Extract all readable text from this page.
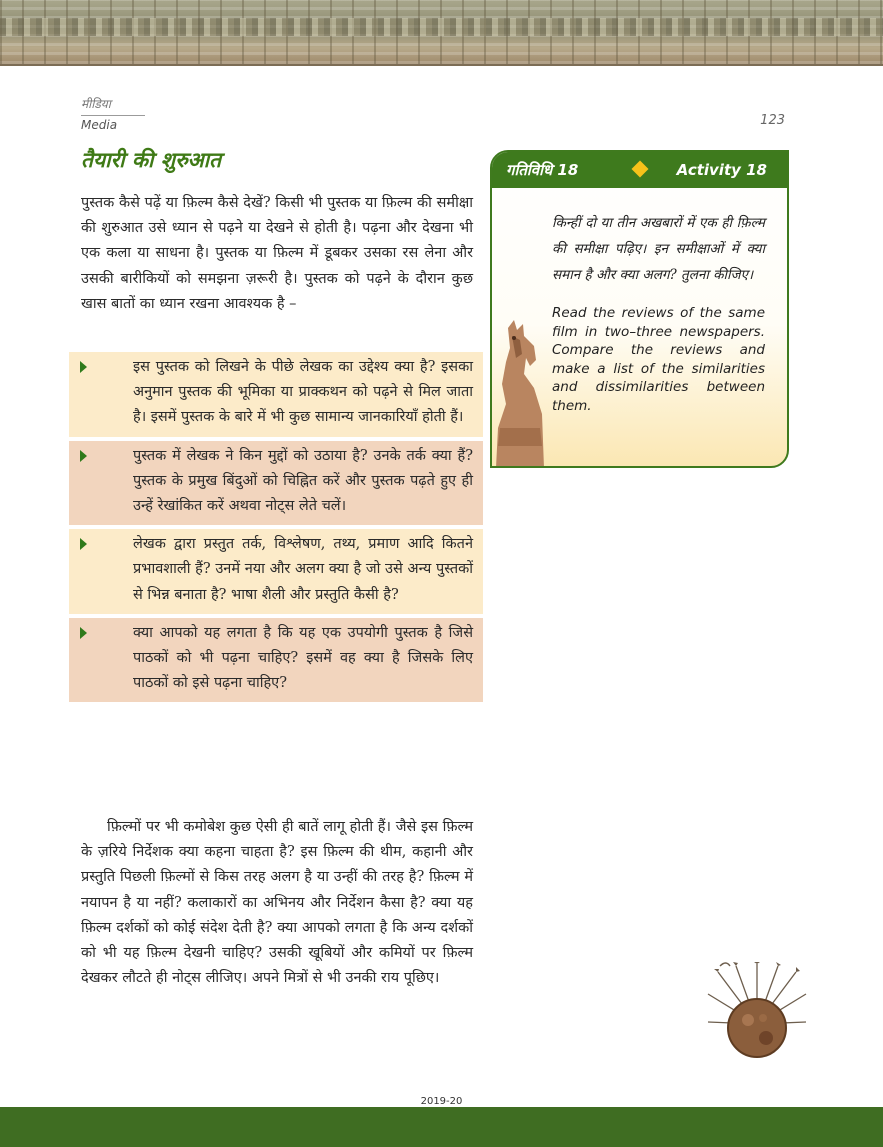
मीडिया
Media	123
तैयारी की शुरुआत

पुस्तक कैसे पढ़ें या फ़िल्म कैसे देखें? किसी भी पुस्तक या फ़िल्म की समीक्षा की शुरुआत उसे ध्यान से पढ़ने या देखने से होती है। पढ़ना और देखना भी एक कला या साधना है। पुस्तक या फ़िल्म में डूबकर उसका रस लेना और उसकी बारीकियों को समझना ज़रूरी है। पुस्तक को पढ़ने के दौरान कुछ खास बातों का ध्यान रखना आवश्यक है –

इस पुस्तक को लिखने के पीछे लेखक का उद्देश्य क्या है? इसका अनुमान पुस्तक की भूमिका या प्राक्कथन को पढ़ने से मिल जाता है। इसमें पुस्तक के बारे में भी कुछ सामान्य जानकारियाँ होती हैं।
पुस्तक में लेखक ने किन मुद्दों को उठाया है? उनके तर्क क्या हैं? पुस्तक के प्रमुख बिंदुओं को चिह्नित करें और पुस्तक पढ़ते हुए ही उन्हें रेखांकित करें अथवा नोट्स लेते चलें।
लेखक द्वारा प्रस्तुत तर्क, विश्लेषण, तथ्य, प्रमाण आदि कितने प्रभावशाली हैं? उनमें नया और अलग क्या है जो उसे अन्य पुस्तकों से भिन्न बनाता है? भाषा शैली और प्रस्तुति कैसी है?
क्या आपको यह लगता है कि यह एक उपयोगी पुस्तक है जिसे पाठकों को भी पढ़ना चाहिए? इसमें वह क्या है जिसके लिए पाठकों को इसे पढ़ना चाहिए?

फ़िल्मों पर भी कमोबेश कुछ ऐसी ही बातें लागू होती हैं। जैसे इस फ़िल्म के ज़रिये निर्देशक क्या कहना चाहता है? इस फ़िल्म की थीम, कहानी और प्रस्तुति पिछली फ़िल्मों से किस तरह अलग है या उन्हीं की तरह है? फ़िल्म में नयापन है या नहीं? कलाकारों का अभिनय और निर्देशन कैसा है? क्या यह फ़िल्म दर्शकों को कोई संदेश देती है? क्या आपको लगता है कि अन्य दर्शकों को भी यह फ़िल्म देखनी चाहिए? उसकी खूबियों और कमियों पर फ़िल्म देखकर लौटते ही नोट्स लीजिए। अपने मित्रों से भी उनकी राय पूछिए।

गतिविधि 18	Activity 18

किन्हीं दो या तीन अखबारों में एक ही फ़िल्म की समीक्षा पढ़िए। इन समीक्षाओं में क्या समान है और क्या अलग? तुलना कीजिए।

Read the reviews of the same film in two–three newspapers. Compare the reviews and make a list of the similarities and dissimilarities between them.

2019-20
